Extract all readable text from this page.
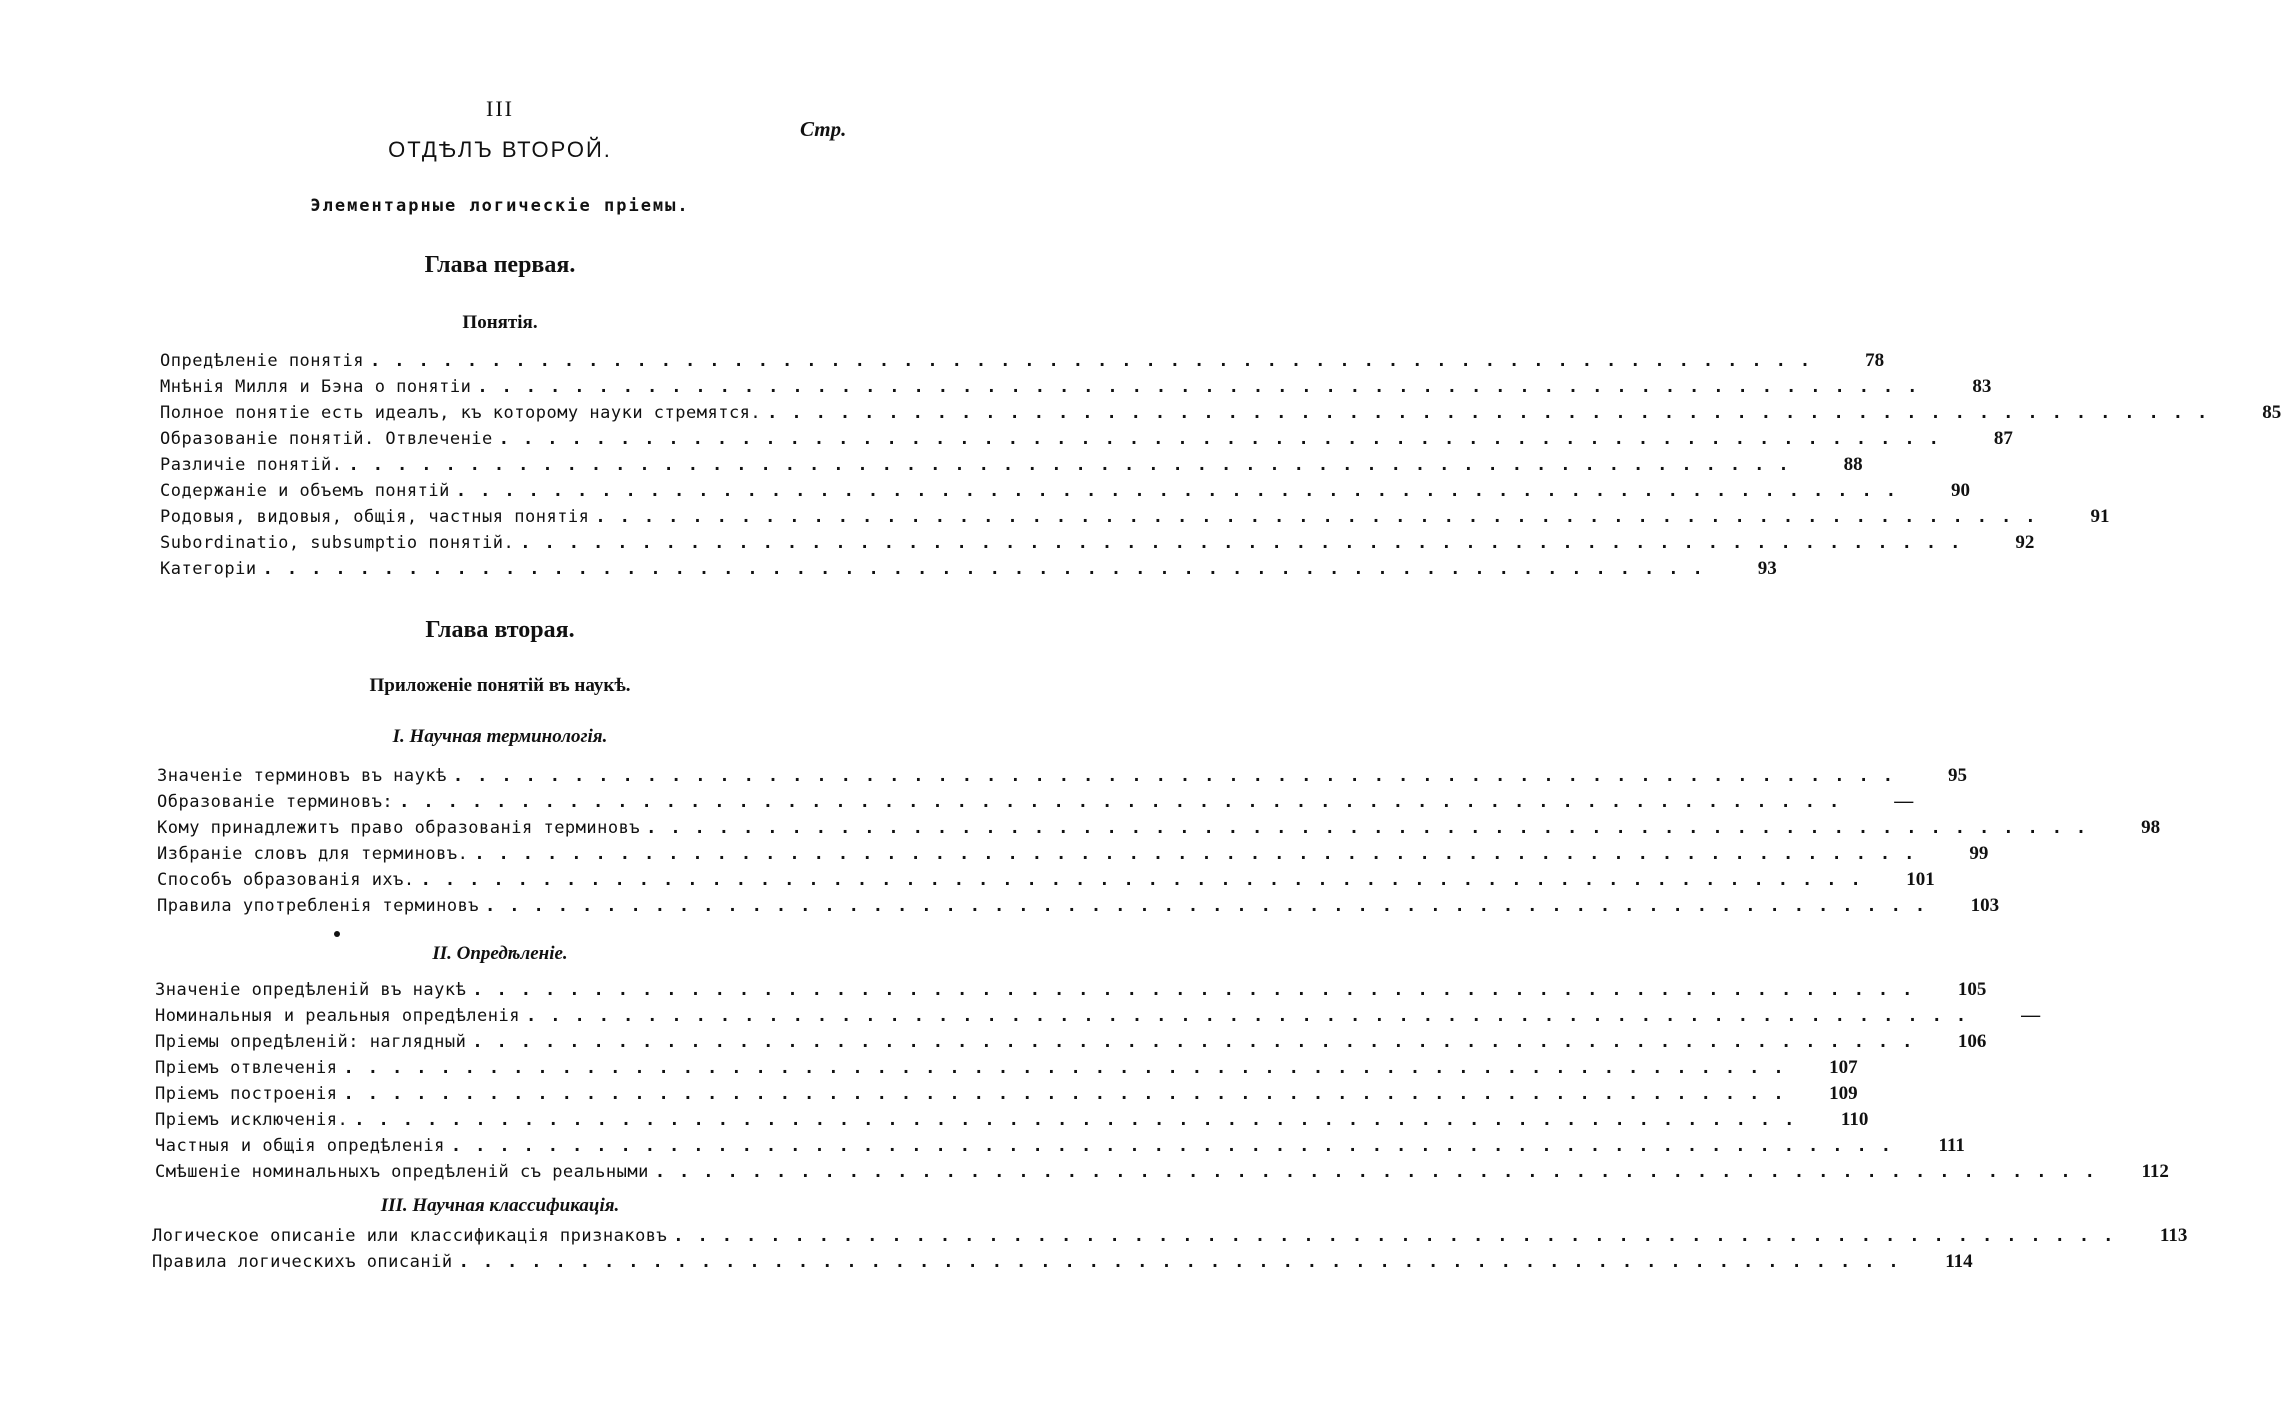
III
Стр.
ОТДѢЛЪ ВТОРОЙ.
Элементарные логическіе пріемы.
Глава первая.
Понятія.
Опредѣленіе понятія ............................................................	78
Мнѣнія Милля и Бэна о понятіи ............................................................	83
Полное понятіе есть идеалъ, къ которому науки стремятся. ............................................................	85
Образованіе понятій. Отвлеченіе ............................................................	87
Различіе понятій. ............................................................	88
Содержаніе и объемъ понятій ............................................................	90
Родовыя, видовыя, общія, частныя понятія ............................................................	91
Subordinatio, subsumptio понятій. ............................................................	92
Категоріи ............................................................	93
Глава вторая.
Приложеніе понятій въ наукѣ.
I. Научная терминологія.
Значеніе терминовъ въ наукѣ ............................................................	95
Образованіе терминовъ: ............................................................	—
Кому принадлежитъ право образованія терминовъ ............................................................	98
Избраніе словъ для терминовъ. ............................................................	99
Способъ образованія ихъ. ............................................................	101
Правила употребленія терминовъ ............................................................	103
II. Опредѣленіе.
Значеніе опредѣленій въ наукѣ ............................................................	105
Номинальныя и реальныя опредѣленія ............................................................	—
Пріемы опредѣленій: наглядный ............................................................	106
Пріемъ отвлеченія ............................................................	107
Пріемъ построенія ............................................................	109
Пріемъ исключенія. ............................................................	110
Частныя и общія опредѣленія ............................................................	111
Смѣшеніе номинальныхъ опредѣленій съ реальными ............................................................	112
III. Научная классификація.
Логическое описаніе или классификація признаковъ ............................................................	113
Правила логическихъ описаній ............................................................	114
